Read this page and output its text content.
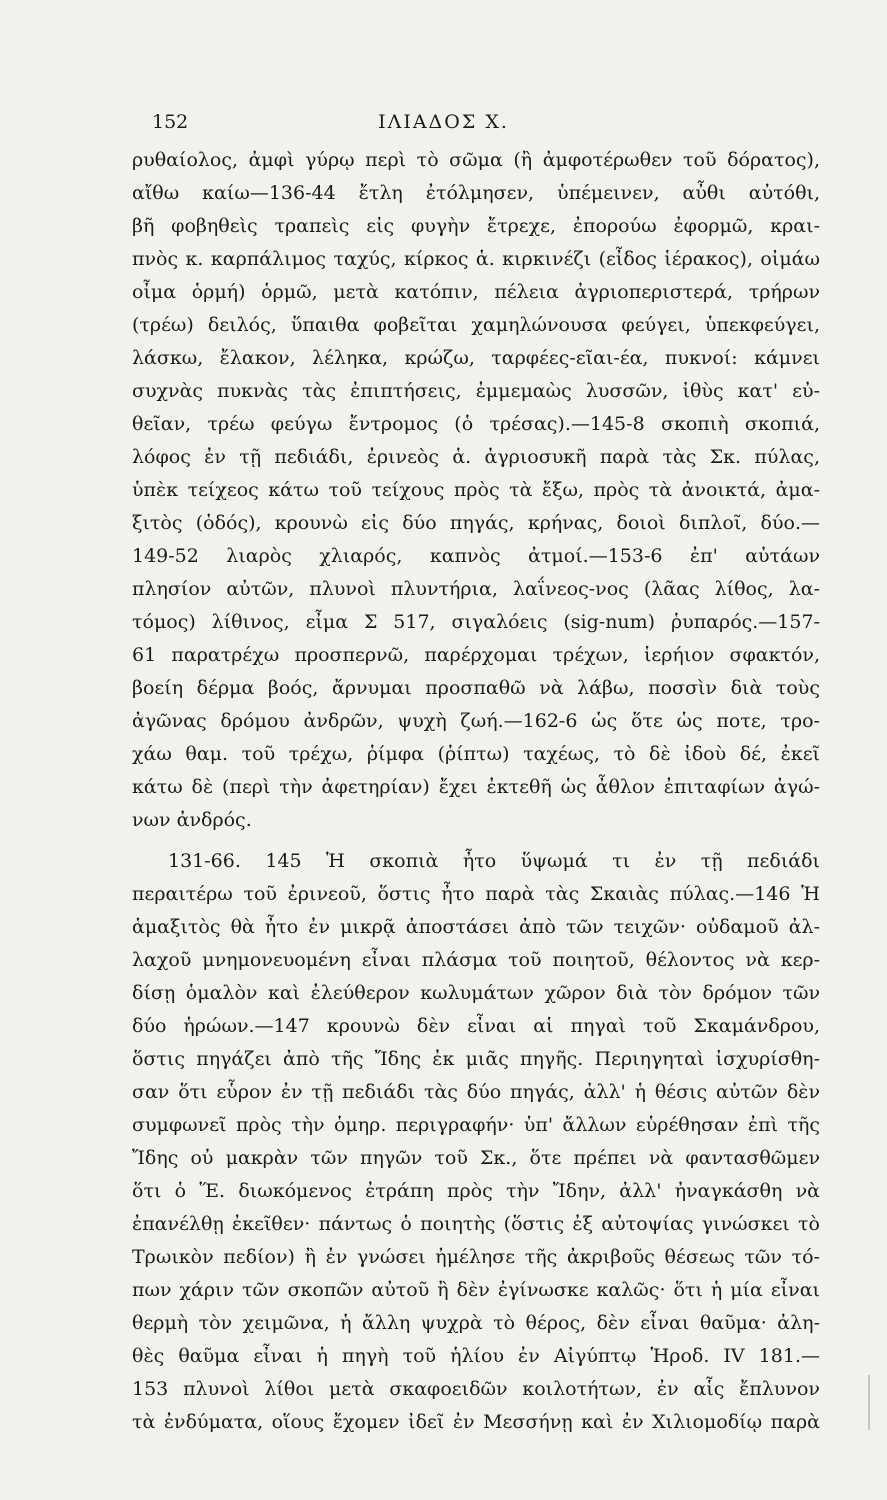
152	ΙΛΙΑΔΟΣ Χ.
ρυθαίολος, ἀμφὶ γύρῳ περὶ τὸ σῶμα (ἢ ἀμφοτέρωθεν τοῦ δόρατος),
αἴθω καίω—136-44 ἔτλη ἐτόλμησεν, ὑπέμεινεν, αὖθι αὐτόθι,
βῆ φοβηθεὶς τραπεὶς εἰς φυγὴν ἔτρεχε, ἐπορούω ἐφορμῶ, κραι-
πνὸς κ. καρπάλιμος ταχύς, κίρκος ἁ. κιρκινέζι (εἶδος ἱέρακος), οἰμάω
οἶμα ὁρμή) ὁρμῶ, μετὰ κατόπιν, πέλεια ἀγριοπεριστερά, τρήρων
(τρέω) δειλός, ὕπαιθα φοβεῖται χαμηλώνουσα φεύγει, ὑπεκφεύγει,
λάσκω, ἔλακον, λέληκα, κρώζω, ταρφέες-εῖαι-έα, πυκνοί: κάμνει
συχνὰς πυκνὰς τὰς ἐπιπτήσεις, ἐμμεμαὼς λυσσῶν, ἰθὺς κατ' εὐ-
θεῖαν, τρέω φεύγω ἔντρομος (ὁ τρέσας).—145-8 σκοπιὴ σκοπιά,
λόφος ἐν τῇ πεδιάδι, ἐρινεὸς ἁ. ἀγριοσυκῆ παρὰ τὰς Σκ. πύλας,
ὑπὲκ τείχεος κάτω τοῦ τείχους πρὸς τὰ ἔξω, πρὸς τὰ ἀνοικτά, ἀμα-
ξιτὸς (ὁδός), κρουνὼ εἰς δύο πηγάς, κρήνας, δοιοὶ διπλοῖ, δύο.—
149-52 λιαρὸς χλιαρός, καπνὸς ἀτμοί.—153-6 ἐπ' αὐτάων
πλησίον αὐτῶν, πλυνοὶ πλυντήρια, λαΐνεος-νος (λᾶας λίθος, λα-
τόμος) λίθινος, εἶμα Σ 517, σιγαλόεις (sig-num) ῥυπαρός.—157-
61 παρατρέχω προσπερνῶ, παρέρχομαι τρέχων, ἱερήιον σφακτόν,
βοείη δέρμα βοός, ἄρνυμαι προσπαθῶ νὰ λάβω, ποσσὶν διὰ τοὺς
ἀγῶνας δρόμου ἀνδρῶν, ψυχὴ ζωή.—162-6 ὡς ὅτε ὡς ποτε, τρο-
χάω θαμ. τοῦ τρέχω, ῥίμφα (ῥίπτω) ταχέως, τὸ δὲ ἰδοὺ δέ, ἐκεῖ
κάτω δὲ (περὶ τὴν ἀφετηρίαν) ἔχει ἐκτεθῆ ὡς ἆθλον ἐπιταφίων ἀγώ-
νων ἀνδρός.
131-66. 145 Ἡ σκοπιὰ ἦτο ὕψωμά τι ἐν τῇ πεδιάδι
περαιτέρω τοῦ ἐρινεοῦ, ὅστις ἦτο παρὰ τὰς Σκαιὰς πύλας.—146 Ἡ
ἁμαξιτὸς θὰ ἦτο ἐν μικρᾷ ἀποστάσει ἀπὸ τῶν τειχῶν· οὐδαμοῦ ἀλ-
λαχοῦ μνημονευομένη εἶναι πλάσμα τοῦ ποιητοῦ, θέλοντος νὰ κερ-
δίσῃ ὁμαλὸν καὶ ἐλεύθερον κωλυμάτων χῶρον διὰ τὸν δρόμον τῶν
δύο ἡρώων.—147 κρουνὼ δὲν εἶναι αἱ πηγαὶ τοῦ Σκαμάνδρου,
ὅστις πηγάζει ἀπὸ τῆς Ἴδης ἐκ μιᾶς πηγῆς. Περιηγηταὶ ἰσχυρίσθη-
σαν ὅτι εὗρον ἐν τῇ πεδιάδι τὰς δύο πηγάς, ἀλλ' ἡ θέσις αὐτῶν δὲν
συμφωνεῖ πρὸς τὴν ὁμηρ. περιγραφήν· ὑπ' ἄλλων εὑρέθησαν ἐπὶ τῆς
Ἴδης οὐ μακρὰν τῶν πηγῶν τοῦ Σκ., ὅτε πρέπει νὰ φαντασθῶμεν
ὅτι ὁ Ἕ. διωκόμενος ἐτράπη πρὸς τὴν Ἴδην, ἀλλ' ἠναγκάσθη νὰ
ἐπανέλθῃ ἐκεῖθεν· πάντως ὁ ποιητὴς (ὅστις ἐξ αὐτοψίας γινώσκει τὸ
Τρωικὸν πεδίον) ἢ ἐν γνώσει ἠμέλησε τῆς ἀκριβοῦς θέσεως τῶν τό-
πων χάριν τῶν σκοπῶν αὐτοῦ ἢ δὲν ἐγίνωσκε καλῶς· ὅτι ἡ μία εἶναι
θερμὴ τὸν χειμῶνα, ἡ ἄλλη ψυχρὰ τὸ θέρος, δὲν εἶναι θαῦμα· ἀλη-
θὲς θαῦμα εἶναι ἡ πηγὴ τοῦ ἡλίου ἐν Αἰγύπτῳ Ἡροδ. IV 181.—
153 πλυνοὶ λίθοι μετὰ σκαφοειδῶν κοιλοτήτων, ἐν αἷς ἔπλυνον
τὰ ἐνδύματα, οἵους ἔχομεν ἰδεῖ ἐν Μεσσήνῃ καὶ ἐν Χιλιομοδίῳ παρὰ
